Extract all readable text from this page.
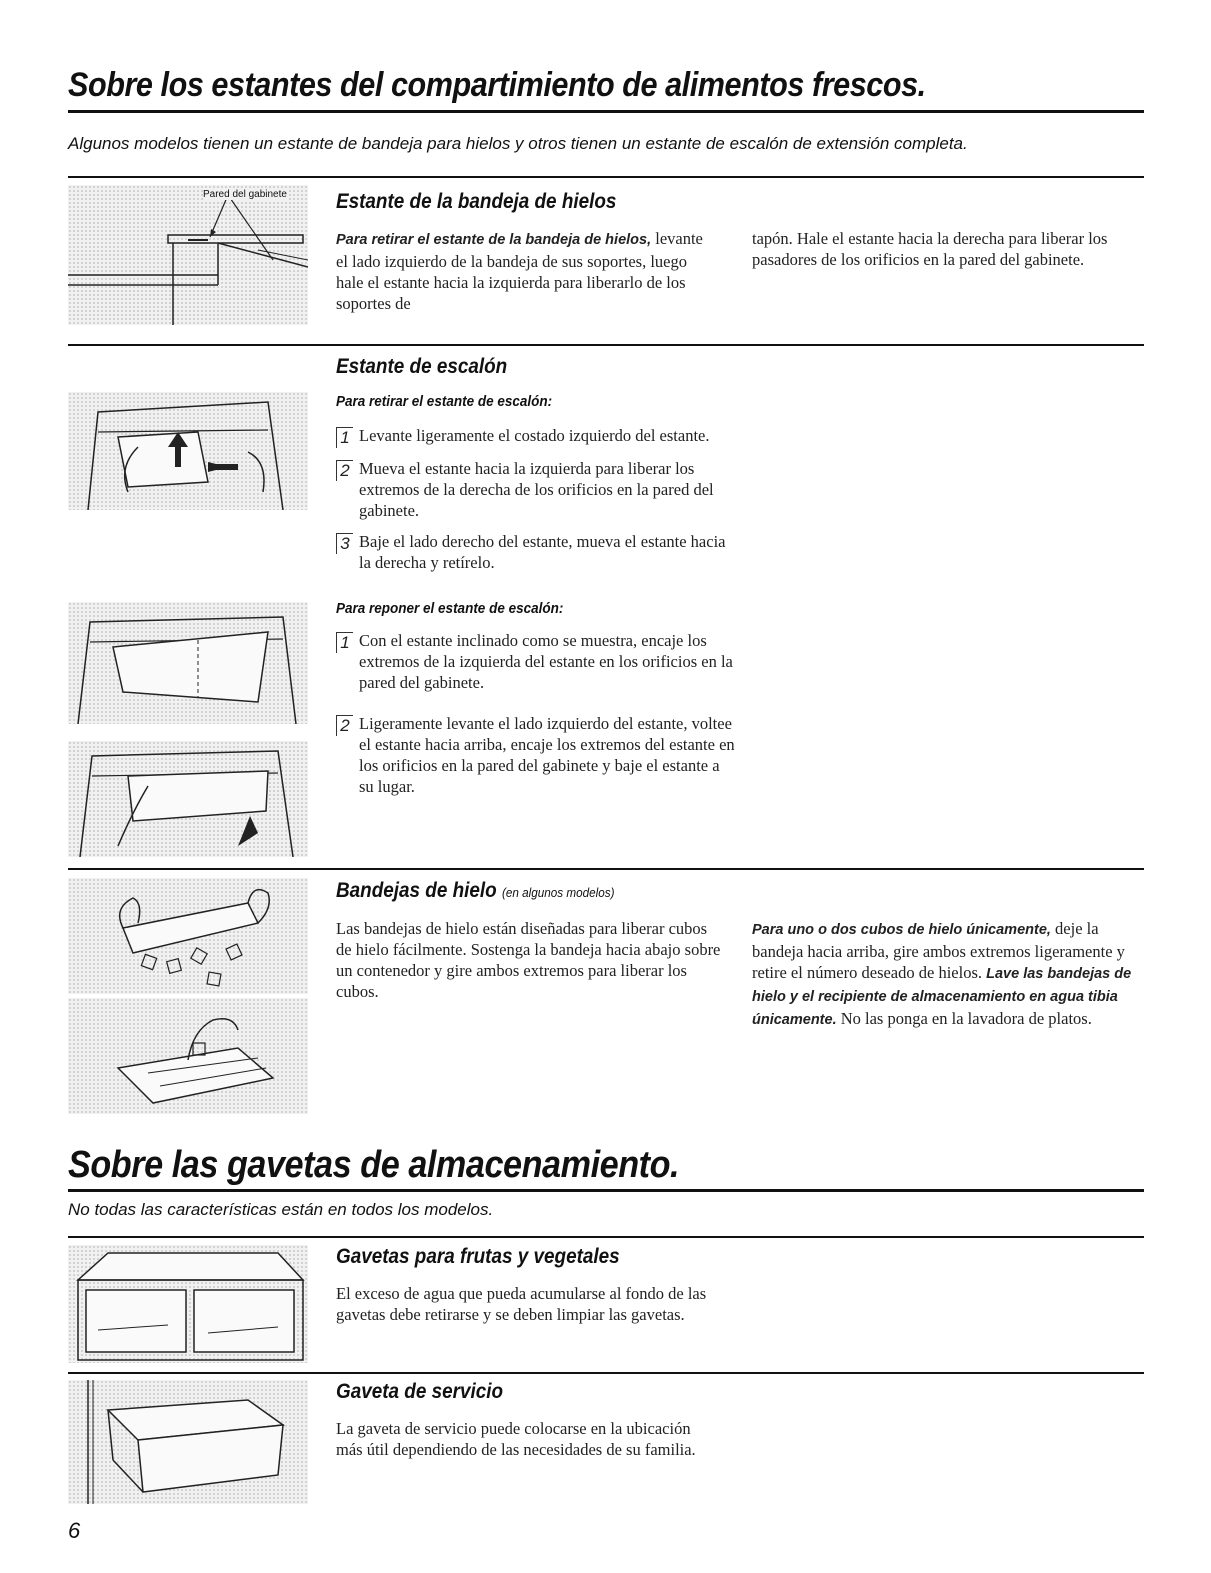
Sobre los estantes del compartimiento de alimentos frescos.
Algunos modelos tienen un estante de bandeja para hielos y otros tienen un estante de escalón de extensión completa.
Pared del gabinete Estante de la bandeja de hielos
Para retirar el estante de la bandeja de hielos, levante el lado izquierdo de la bandeja de sus soportes, luego hale el estante hacia la izquierda para liberarlo de los soportes de
tapón. Hale el estante hacia la derecha para liberar los pasadores de los orificios en la pared del gabinete.
Estante de escalón
Para retirar el estante de escalón:
1 Levante ligeramente el costado izquierdo del estante.
2 Mueva el estante hacia la izquierda para liberar los extremos de la derecha de los orificios en la pared del gabinete.
3 Baje el lado derecho del estante, mueva el estante hacia la derecha y retírelo.
Para reponer el estante de escalón:
1 Con el estante inclinado como se muestra, encaje los extremos de la izquierda del estante en los orificios en la pared del gabinete.
2 Ligeramente levante el lado izquierdo del estante, voltee el estante hacia arriba, encaje los extremos del estante en los orificios en la pared del gabinete y baje el estante a su lugar.
Bandejas de hielo (en algunos modelos)
Las bandejas de hielo están diseñadas para liberar cubos de hielo fácilmente. Sostenga la bandeja hacia abajo sobre un contenedor y gire ambos extremos para liberar los cubos.
Para uno o dos cubos de hielo únicamente, deje la bandeja hacia arriba, gire ambos extremos ligeramente y retire el número deseado de hielos. Lave las bandejas de hielo y el recipiente de almacenamiento en agua tibia únicamente. No las ponga en la lavadora de platos.
Sobre las gavetas de almacenamiento.
No todas las características están en todos los modelos.
Gavetas para frutas y vegetales
El exceso de agua que pueda acumularse al fondo de las gavetas debe retirarse y se deben limpiar las gavetas.
Gaveta de servicio
La gaveta de servicio puede colocarse en la ubicación más útil dependiendo de las necesidades de su familia.
6
